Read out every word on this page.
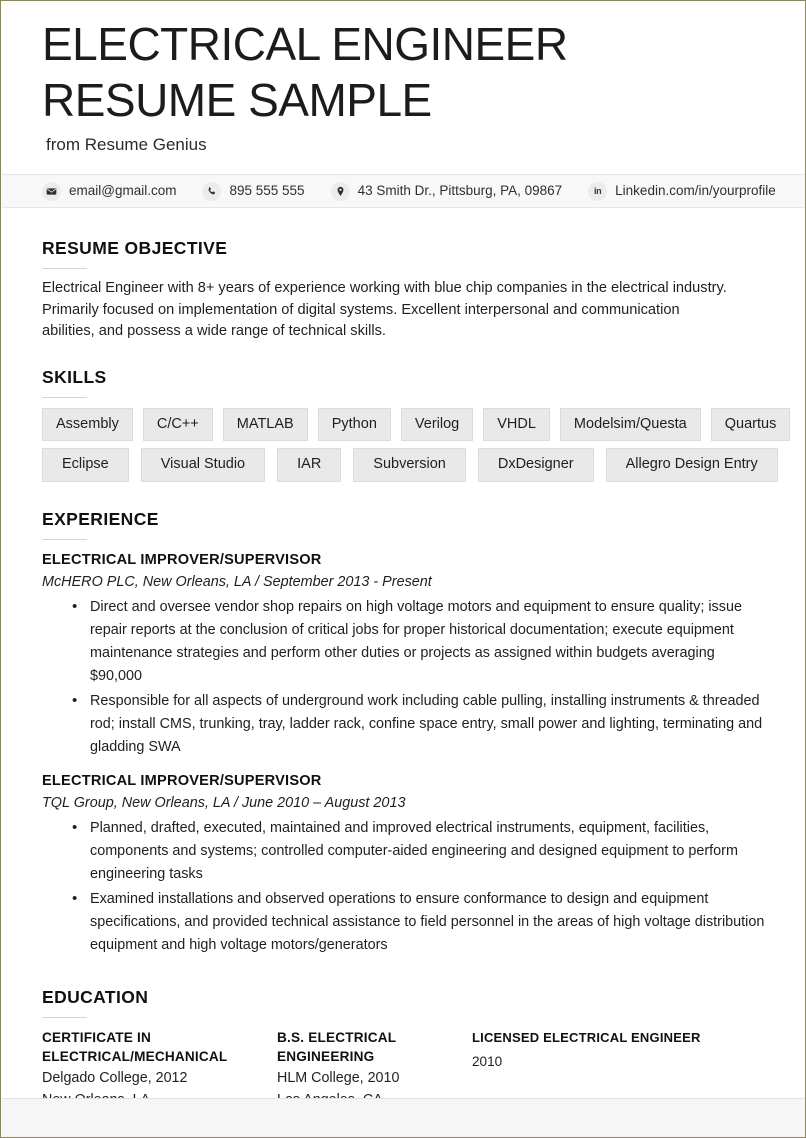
ELECTRICAL ENGINEER RESUME SAMPLE
from Resume Genius
email@gmail.com	895 555 555	43 Smith Dr., Pittsburg, PA, 09867	in Linkedin.com/in/yourprofile
RESUME OBJECTIVE

Electrical Engineer with 8+ years of experience working with blue chip companies in the electrical industry. Primarily focused on implementation of digital systems. Excellent interpersonal and communication abilities, and possess a wide range of technical skills.

SKILLS
Assembly	C/C++	MATLAB	Python	Verilog	VHDL	Modelsim/Questa	Quartus
Eclipse	Visual Studio	IAR	Subversion	DxDesigner	Allegro Design Entry
EXPERIENCE
ELECTRICAL IMPROVER/SUPERVISOR
McHERO PLC, New Orleans, LA / September 2013 - Present
• Direct and oversee vendor shop repairs on high voltage motors and equipment to ensure quality; issue repair reports at the conclusion of critical jobs for proper historical documentation; execute equipment maintenance strategies and perform other duties or projects as assigned within budgets averaging $90,000
• Responsible for all aspects of underground work including cable pulling, installing instruments & threaded rod; install CMS, trunking, tray, ladder rack, confine space entry, small power and lighting, terminating and gladding SWA
ELECTRICAL IMPROVER/SUPERVISOR
TQL Group, New Orleans, LA / June 2010 – August 2013
• Planned, drafted, executed, maintained and improved electrical instruments, equipment, facilities, components and systems; controlled computer-aided engineering and designed equipment to perform engineering tasks
• Examined installations and observed operations to ensure conformance to design and equipment specifications, and provided technical assistance to field personnel in the areas of high voltage distribution equipment and high voltage motors/generators
EDUCATION
CERTIFICATE IN ELECTRICAL/MECHANICAL
Delgado College, 2012
B.S. ELECTRICAL ENGINEERING
HLM College, 2010
LICENSED ELECTRICAL ENGINEER
2010
